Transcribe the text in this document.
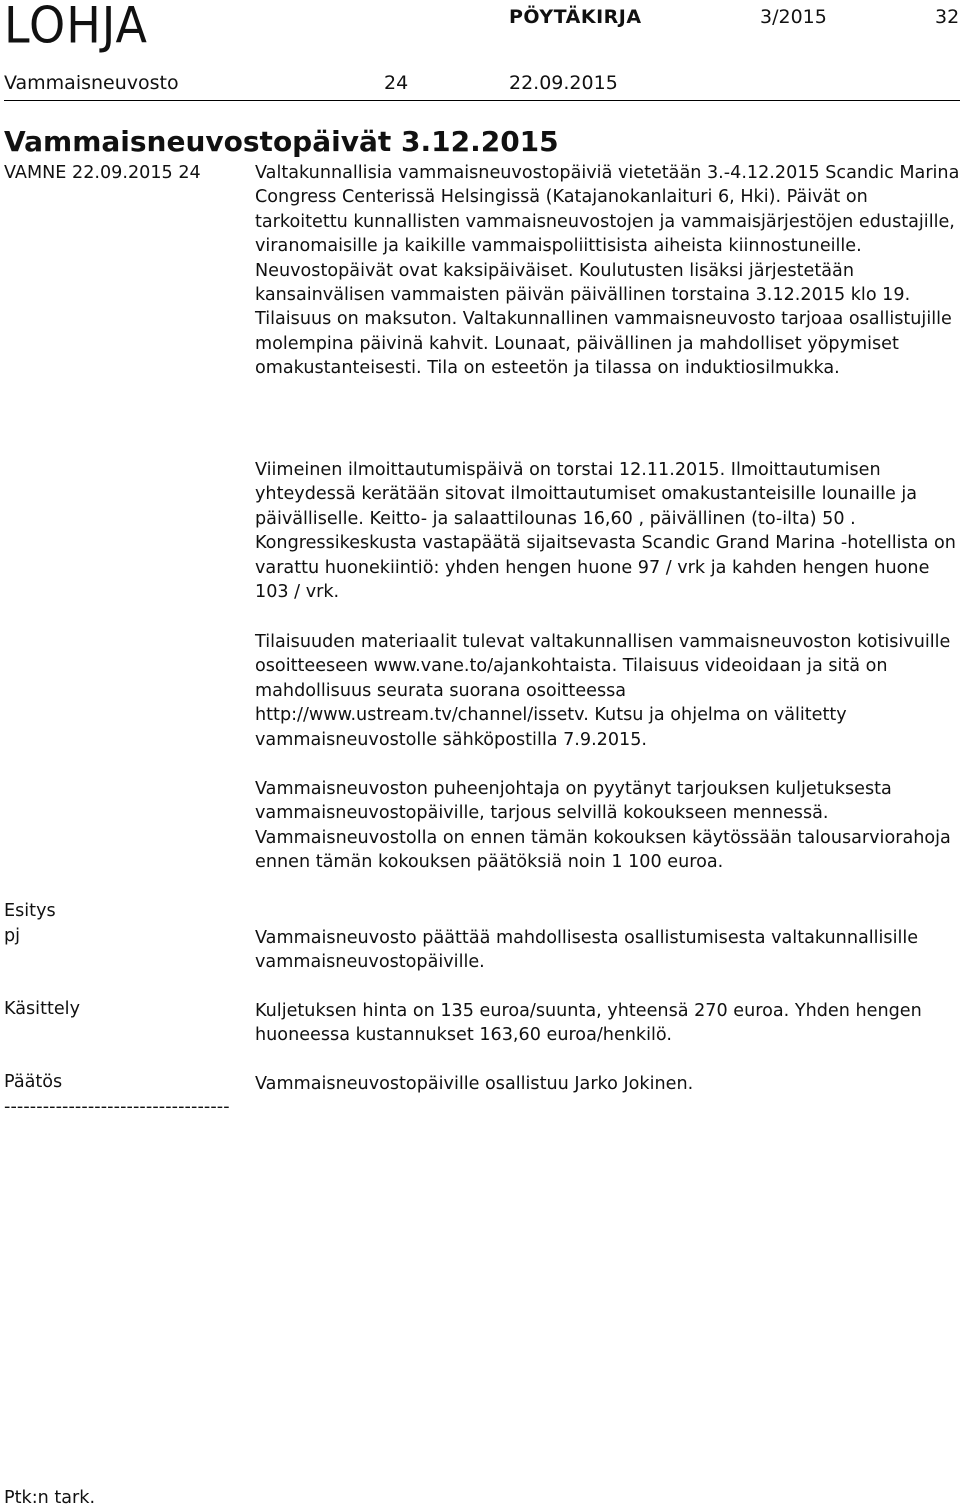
LOHJA	PÖYTÄKIRJA	3/2015	32
Vammaisneuvosto	24	22.09.2015
Vammaisneuvostopäivät 3.12.2015
VAMNE 22.09.2015 24	Valtakunnallisia vammaisneuvostopäiviä vietetään 3.-4.12.2015 Scandic Marina Congress Centerissä Helsingissä (Katajanokanlaituri 6, Hki). Päivät on tarkoitettu kunnallisten vammaisneuvostojen ja vammaisjärjestöjen edustajille, viranomaisille ja kaikille vammaispoliittisista aiheista kiinnostuneille. Neuvostopäivät ovat kaksipäiväiset. Koulutusten lisäksi järjestetään kansainvälisen vammaisten päivän päivällinen torstaina 3.12.2015 klo 19. Tilaisuus on maksuton. Valtakunnallinen vammaisneuvosto tarjoaa osallistujille molempina päivinä kahvit. Lounaat, päivällinen ja mahdolliset yöpymiset omakustanteisesti. Tila on esteetön ja tilassa on induktiosilmukka.
Viimeinen ilmoittautumispäivä on torstai 12.11.2015. Ilmoittautumisen yhteydessä kerätään sitovat ilmoittautumiset omakustanteisille lounaille ja päivälliselle. Keitto- ja salaattilounas 16,60 , päivällinen (to-ilta) 50 . Kongressikeskusta vastapäätä sijaitsevasta Scandic Grand Marina -hotellista on varattu huonekiintiö: yhden hengen huone 97 / vrk ja kahden hengen huone 103 / vrk.
Tilaisuuden materiaalit tulevat valtakunnallisen vammaisneuvoston kotisivuille osoitteeseen www.vane.to/ajankohtaista. Tilaisuus videoidaan ja sitä on mahdollisuus seurata suorana osoitteessa http://www.ustream.tv/channel/issetv. Kutsu ja ohjelma on välitetty vammaisneuvostolle sähköpostilla 7.9.2015.
Vammaisneuvoston puheenjohtaja on pyytänyt tarjouksen kuljetuksesta vammaisneuvostopäiville, tarjous selvillä kokoukseen mennessä. Vammaisneuvostolla on ennen tämän kokouksen käytössään talousarviorahoja ennen tämän kokouksen päätöksiä noin 1 100 euroa.
Esitys
pj	Vammaisneuvosto päättää mahdollisesta osallistumisesta valtakunnallisille vammaisneuvostopäiville.
Käsittely	Kuljetuksen hinta on 135 euroa/suunta, yhteensä 270 euroa. Yhden hengen huoneessa kustannukset 163,60 euroa/henkilö.
Päätös	Vammaisneuvostopäiville osallistuu Jarko Jokinen.
-----------------------------------
Ptk:n tark.
